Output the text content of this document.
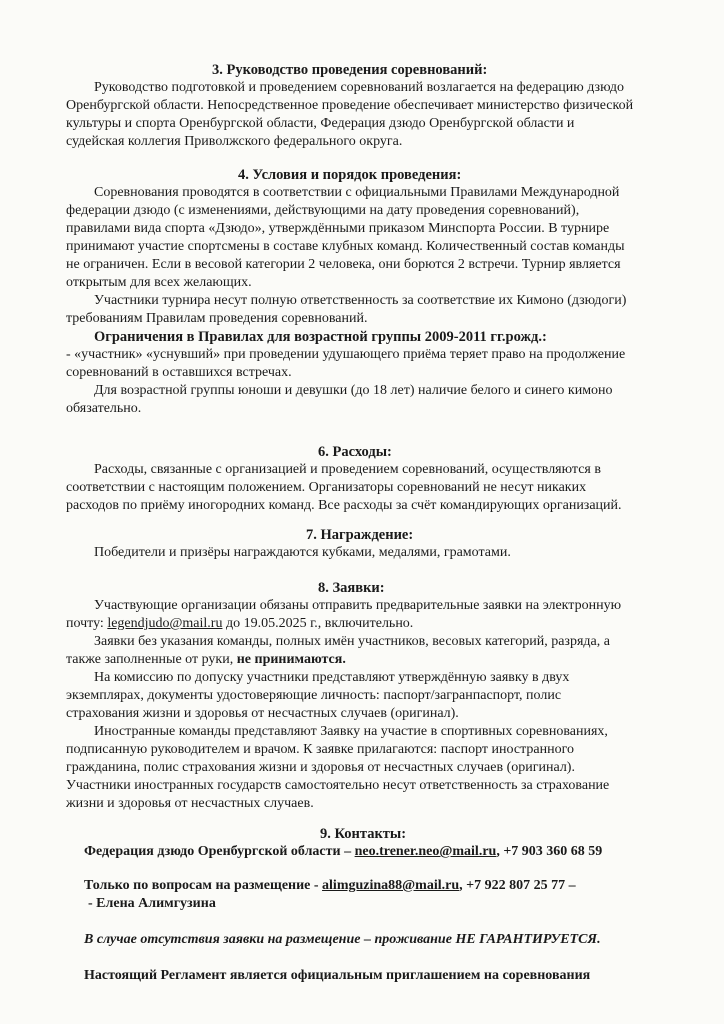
3. Руководство проведения соревнований:
Руководство подготовкой и проведением соревнований возлагается на федерацию дзюдо
Оренбургской области. Непосредственное проведение обеспечивает министерство физической
культуры и спорта Оренбургской области, Федерация дзюдо Оренбургской области и
судейская коллегия Приволжского федерального округа.
4. Условия и порядок проведения:
Соревнования проводятся в соответствии с официальными Правилами Международной
федерации дзюдо (с изменениями, действующими на дату проведения соревнований),
правилами вида спорта «Дзюдо», утверждёнными приказом Минспорта России. В турнире
принимают участие спортсмены в составе клубных команд. Количественный состав команды
не ограничен. Если в весовой категории 2 человека, они борются 2 встречи. Турнир является
открытым для всех желающих.
Участники турнира несут полную ответственность за соответствие их Кимоно (дзюдоги)
требованиям Правилам проведения соревнований.
Ограничения в Правилах для возрастной группы 2009-2011 гг.рожд.:
- «участник» «уснувший» при проведении удушающего приёма теряет право на продолжение
соревнований в оставшихся встречах.
Для возрастной группы юноши и девушки (до 18 лет) наличие белого и синего кимоно
обязательно.
6. Расходы:
Расходы, связанные с организацией и проведением соревнований, осуществляются в
соответствии с настоящим положением. Организаторы соревнований не несут никаких
расходов по приёму иногородних команд. Все расходы за счёт командирующих организаций.
7. Награждение:
Победители и призёры награждаются кубками, медалями, грамотами.
8. Заявки:
Участвующие организации обязаны отправить предварительные заявки на электронную
почту: legendjudo@mail.ru до 19.05.2025 г., включительно.
Заявки без указания команды, полных имён участников, весовых категорий, разряда, а
также заполненные от руки, не принимаются.
На комиссию по допуску участники представляют утверждённую заявку в двух
экземплярах, документы удостоверяющие личность: паспорт/загранпаспорт, полис
страхования жизни и здоровья от несчастных случаев (оригинал).
Иностранные команды представляют Заявку на участие в спортивных соревнованиях,
подписанную руководителем и врачом. К заявке прилагаются: паспорт иностранного
гражданина, полис страхования жизни и здоровья от несчастных случаев (оригинал).
Участники иностранных государств самостоятельно несут ответственность за страхование
жизни и здоровья от несчастных случаев.
9. Контакты:
Федерация дзюдо Оренбургской области – neo.trener.neo@mail.ru, +7 903 360 68 59
Только по вопросам на размещение - alimguzina88@mail.ru, +7 922 807 25 77 –
- Елена Алимгузина
В случае отсутствия заявки на размещение – проживание НЕ ГАРАНТИРУЕТСЯ.
Настоящий Регламент является официальным приглашением на соревнования
